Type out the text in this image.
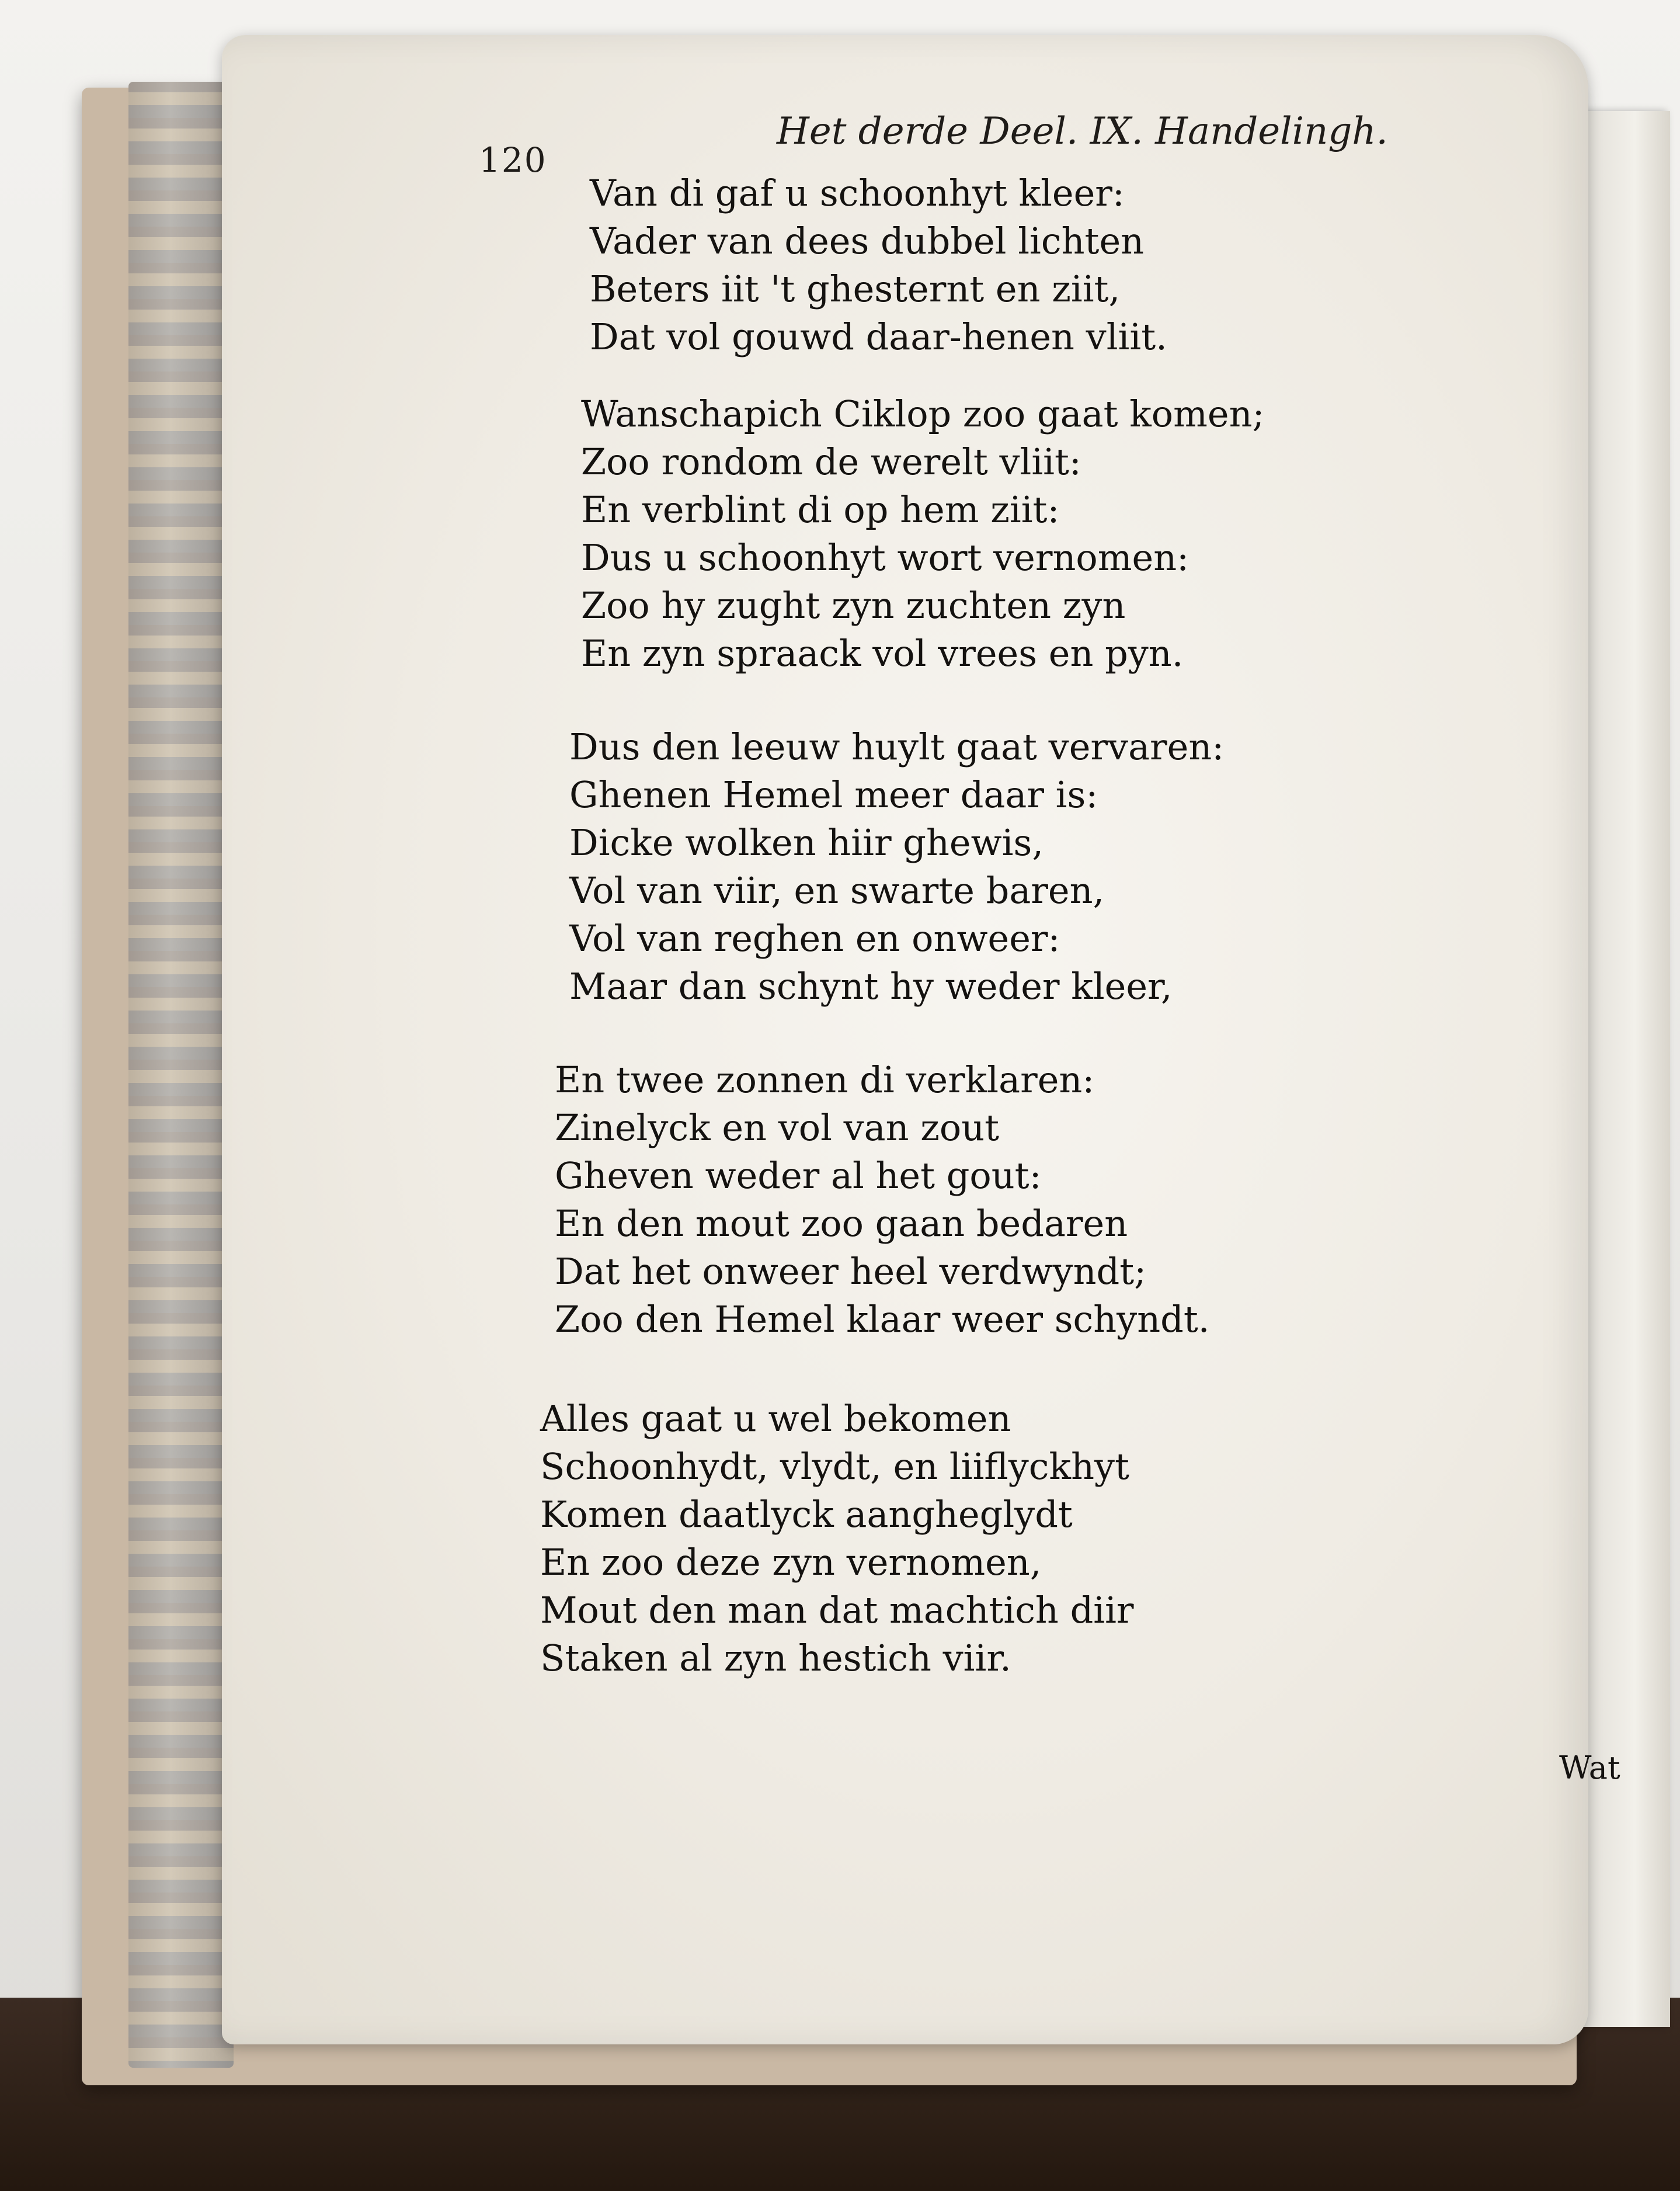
120
Het derde Deel. IX. Handelingh.
Van di gaf u schoonhyt kleer:
Vader van dees dubbel lichten
Beters iit 't ghesternt en ziit,
Dat vol gouwd daar-henen vliit.
Wanschapich Ciklop zoo gaat komen;
Zoo rondom de werelt vliit:
En verblint di op hem ziit:
Dus u schoonhyt wort vernomen:
Zoo hy zught zyn zuchten zyn
En zyn spraack vol vrees en pyn.
Dus den leeuw huylt gaat vervaren:
Ghenen Hemel meer daar is:
Dicke wolken hiir ghewis,
Vol van viir, en swarte baren,
Vol van reghen en onweer:
Maar dan schynt hy weder kleer,
En twee zonnen di verklaren:
Zinelyck en vol van zout
Gheven weder al het gout:
En den mout zoo gaan bedaren
Dat het onweer heel verdwyndt;
Zoo den Hemel klaar weer schyndt.
Alles gaat u wel bekomen
Schoonhydt, vlydt, en liiflyckhyt
Komen daatlyck aangheglydt
En zoo deze zyn vernomen,
Mout den man dat machtich diir
Staken al zyn hestich viir.
Wat
